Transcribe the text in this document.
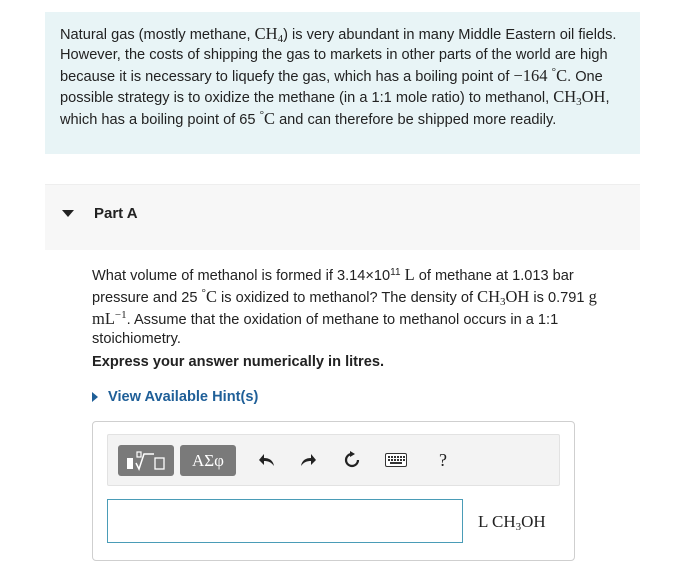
Natural gas (mostly methane, $CH_4$) is very abundant in many Middle Eastern oil fields. However, the costs of shipping the gas to markets in other parts of the world are high because it is necessary to liquefy the gas, which has a boiling point of −164 °C. One possible strategy is to oxidize the methane (in a 1:1 mole ratio) to methanol, $CH_3OH$, which has a boiling point of 65 °C and can therefore be shipped more readily.
Part A
What volume of methanol is formed if $3.14\times 10^{11}$ L of methane at 1.013 bar pressure and 25 °C is oxidized to methanol? The density of $CH_3OH$ is 0.791 g $mL^{-1}$. Assume that the oxidation of methane to methanol occurs in a 1:1 stoichiometry.
Express your answer numerically in litres.
View Available Hint(s)
ΑΣφ	?
L $CH_3OH$
